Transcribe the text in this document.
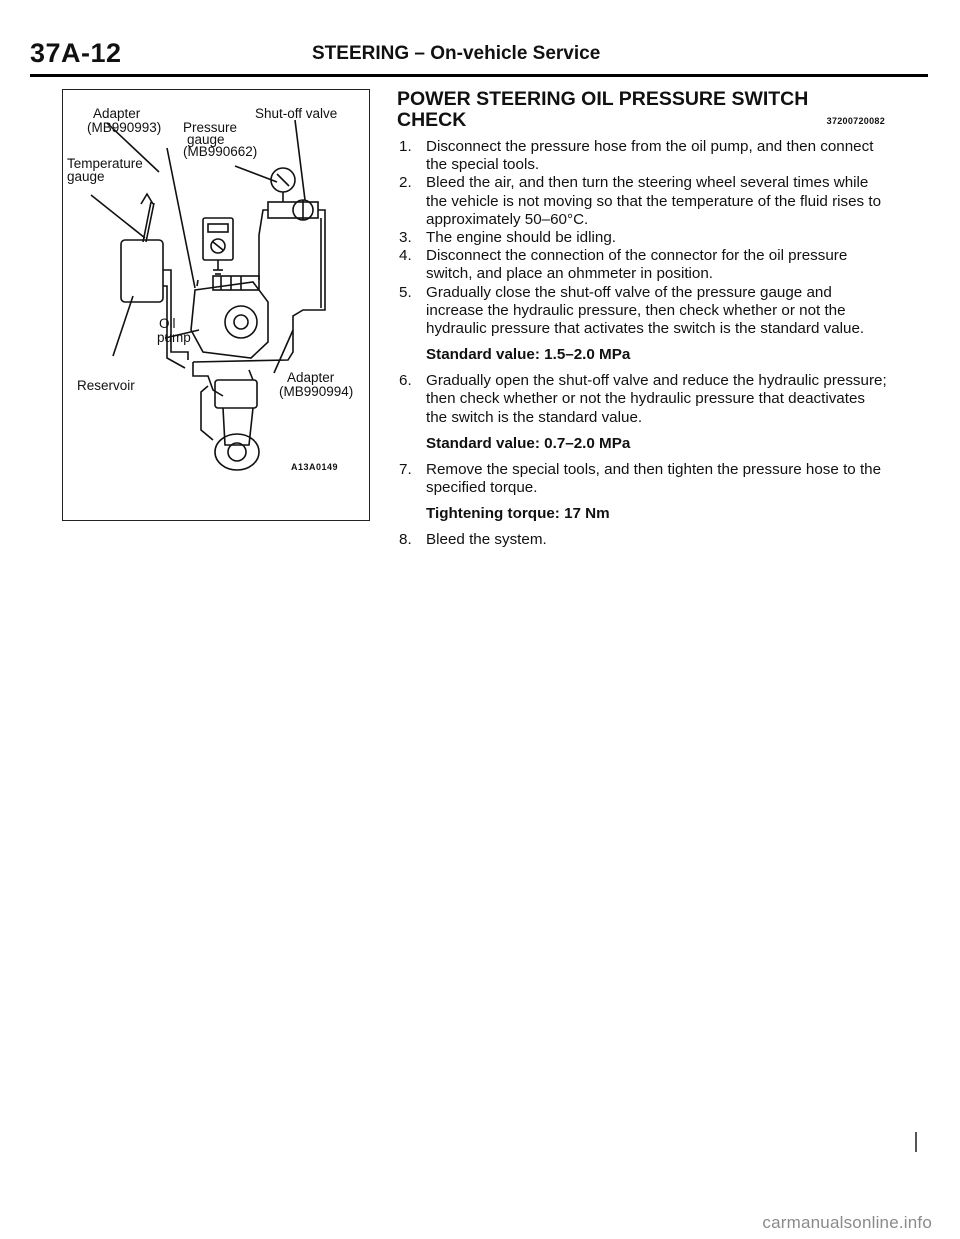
37A-12	STEERING – On-vehicle Service
Adapter
(MB990993) Pressure
gauge
(MB990662)
Shut-off valve
Temperature
gauge
Oil
pump
Reservoir
Adapter
(MB990994)
A13A0149
POWER STEERING OIL PRESSURE SWITCH
CHECK	37200720082
1. Disconnect the pressure hose from the oil pump, and then connect the special tools.
2. Bleed the air, and then turn the steering wheel several times while the vehicle is not moving so that the temperature of the fluid rises to approximately 50–60°C.
3. The engine should be idling.
4. Disconnect the connection of the connector for the oil pressure switch, and place an ohmmeter in position.
5. Gradually close the shut-off valve of the pressure gauge and increase the hydraulic pressure, then check whether or not the hydraulic pressure that activates the switch is the standard value.
Standard value: 1.5–2.0 MPa
6. Gradually open the shut-off valve and reduce the hydraulic pressure; then check whether or not the hydraulic pressure that deactivates the switch is the standard value.
Standard value: 0.7–2.0 MPa
7. Remove the special tools, and then tighten the pressure hose to the specified torque.
Tightening torque: 17 Nm
8. Bleed the system.
carmanualsonline.info
